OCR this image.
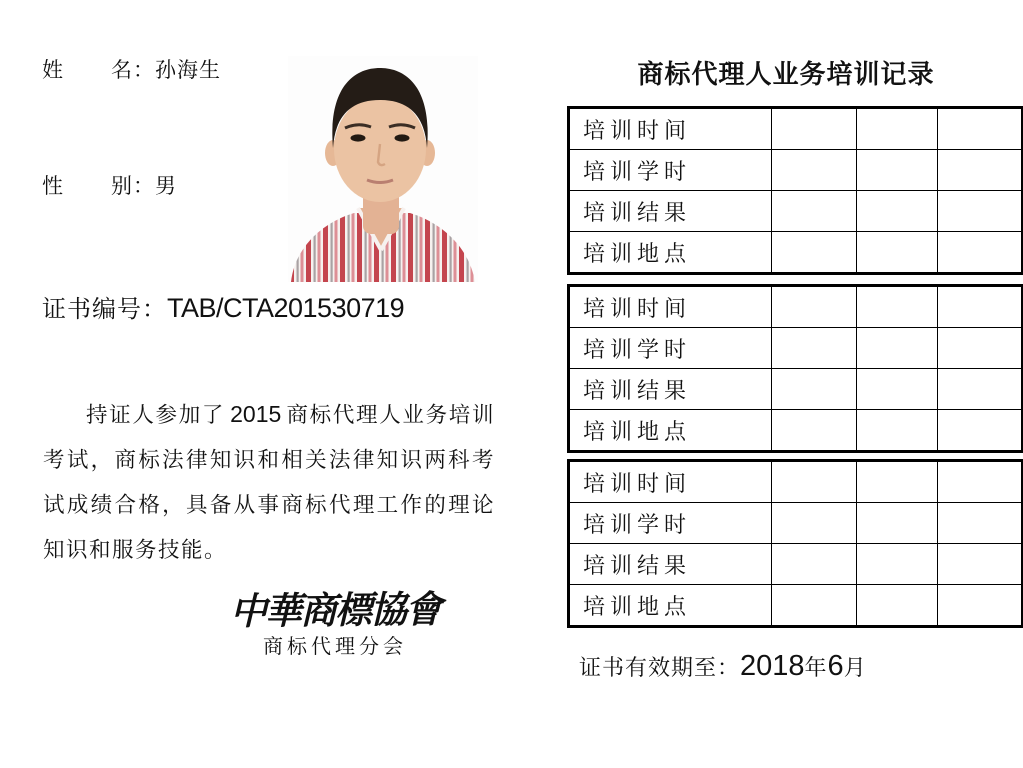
姓 名：孙海生
性 别：男
证书编号：TAB/CTA201530719
持证人参加了 2015 商标代理人业务培训考试，商标法律知识和相关法律知识两科考试成绩合格，具备从事商标代理工作的理论知识和服务技能。
中華商標協會
商标代理分会
商标代理人业务培训记录
培训时间			
培训学时			
培训结果			
培训地点			
培训时间			
培训学时			
培训结果			
培训地点			
培训时间			
培训学时			
培训结果			
培训地点			
证书有效期至：2018年6月
